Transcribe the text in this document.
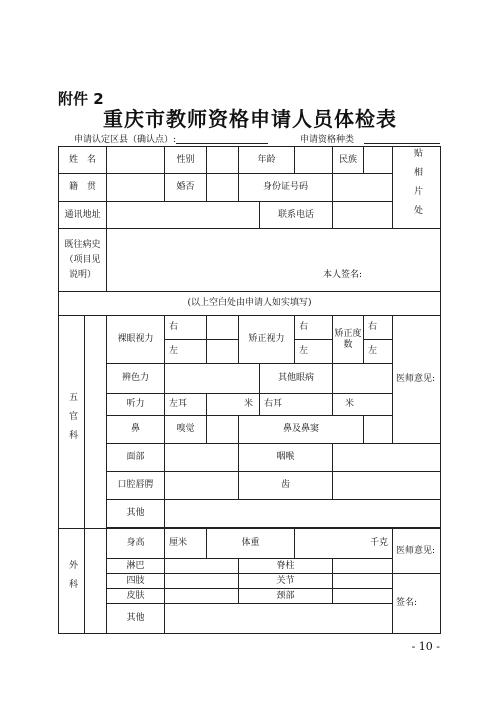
附件 2
重庆市教师资格申请人员体检表
申请认定区县（确认点）:	申请资格种类
姓　名			性别		年龄			民族		贴相片处	
籍　贯			婚否		身份证号码						
通讯地址						联系电话					
既往病史（项目见说明）		本人签名:									
(以上空白处由申请人如实填写)											
五官科		裸眼视力	右		矫正视力		右	矫正度数	右	医师意见:	
			左				左		左		
		辨色力				其他眼病					
		听力	左耳	米		右耳		米			
		鼻	嗅觉		鼻及鼻窦						
		面部			咽喉		
		口腔唇腭			齿						
		其他									

外科		身高	厘米	体重			千克			医师意见:	
		淋巴			脊柱						
		四肢			关节					签名:	
		皮肤			颈部						
		其他									
- 10 -
